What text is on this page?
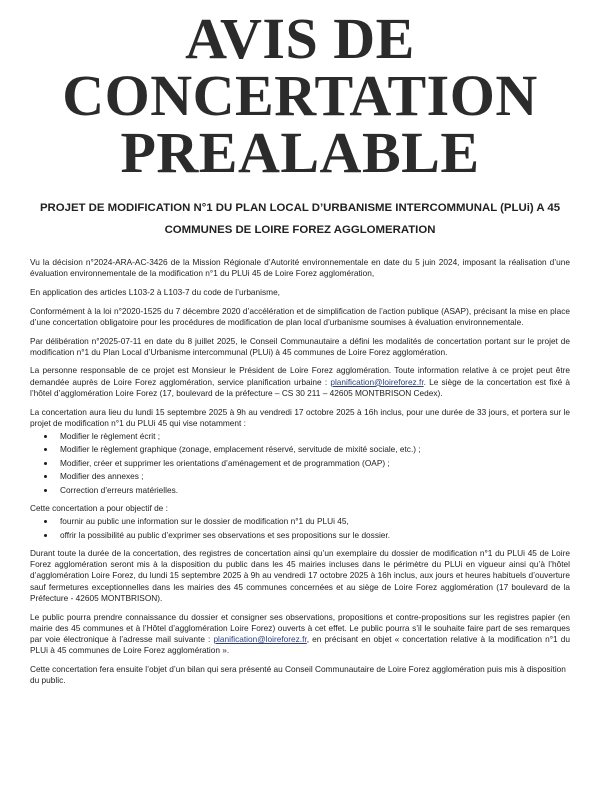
AVIS DE
CONCERTATION
PREALABLE
PROJET DE MODIFICATION N°1 DU PLAN LOCAL D’URBANISME INTERCOMMUNAL (PLUi) A 45
COMMUNES DE LOIRE FOREZ AGGLOMERATION

Vu la décision n°2024-ARA-AC-3426 de la Mission Régionale d’Autorité environnementale en date du 5 juin 2024, imposant la réalisation d’une évaluation environnementale de la modification n°1 du PLUi 45 de Loire Forez agglomération,

En application des articles L103-2 à L103-7 du code de l’urbanisme,

Conformément à la loi n°2020-1525 du 7 décembre 2020 d’accélération et de simplification de l’action publique (ASAP), précisant la mise en place d’une concertation obligatoire pour les procédures de modification de plan local d’urbanisme soumises à évaluation environnementale.

Par délibération n°2025-07-11 en date du 8 juillet 2025, le Conseil Communautaire a défini les modalités de concertation portant sur le projet de modification n°1 du Plan Local d’Urbanisme intercommunal (PLUi) à 45 communes de Loire Forez agglomération.

La personne responsable de ce projet est Monsieur le Président de Loire Forez agglomération. Toute information relative à ce projet peut être demandée auprès de Loire Forez agglomération, service planification urbaine : planification@loireforez.fr. Le siège de la concertation est fixé à l’hôtel d’agglomération Loire Forez (17, boulevard de la préfecture – CS 30 211 – 42605 MONTBRISON Cedex).

La concertation aura lieu du lundi 15 septembre 2025 à 9h au vendredi 17 octobre 2025 à 16h inclus, pour une durée de 33 jours, et portera sur le projet de modification n°1 du PLUi 45 qui vise notamment :

• Modifier le règlement écrit ;
• Modifier le règlement graphique (zonage, emplacement réservé, servitude de mixité sociale, etc.) ;
• Modifier, créer et supprimer les orientations d’aménagement et de programmation (OAP) ;
• Modifier des annexes ;
• Correction d’erreurs matérielles.

Cette concertation a pour objectif de :

• fournir au public une information sur le dossier de modification n°1 du PLUi 45,
• offrir la possibilité au public d’exprimer ses observations et ses propositions sur le dossier.

Durant toute la durée de la concertation, des registres de concertation ainsi qu’un exemplaire du dossier de modification n°1 du PLUi 45 de Loire Forez agglomération seront mis à la disposition du public dans les 45 mairies incluses dans le périmètre du PLUi en vigueur ainsi qu’à l’hôtel d’agglomération Loire Forez, du lundi 15 septembre 2025 à 9h au vendredi 17 octobre 2025 à 16h inclus, aux jours et heures habituels d’ouverture sauf fermetures exceptionnelles dans les mairies des 45 communes concernées et au siège de Loire Forez agglomération (17 boulevard de la Préfecture - 42605 MONTBRISON).

Le public pourra prendre connaissance du dossier et consigner ses observations, propositions et contre-propositions sur les registres papier (en mairie des 45 communes et à l’Hôtel d’agglomération Loire Forez) ouverts à cet effet. Le public pourra s’il le souhaite faire part de ses remarques par voie électronique à l’adresse mail suivante : planification@loireforez.fr, en précisant en objet « concertation relative à la modification n°1 du PLUi à 45 communes de Loire Forez agglomération ».

Cette concertation fera ensuite l’objet d’un bilan qui sera présenté au Conseil Communautaire de Loire Forez agglomération puis mis à disposition du public.
